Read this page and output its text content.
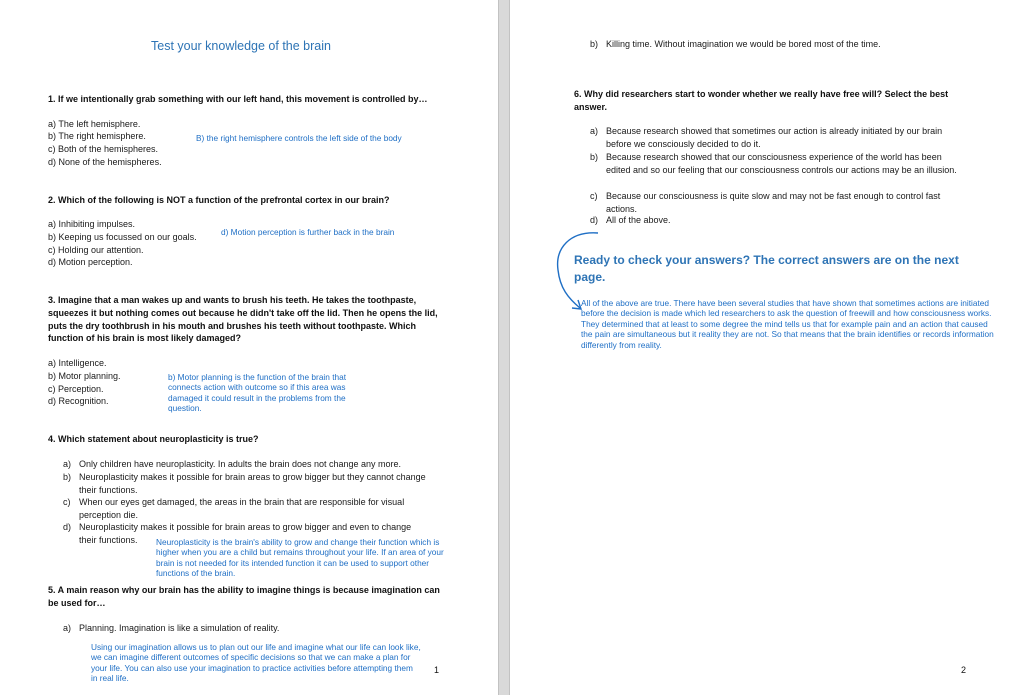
Test your knowledge of the brain
1. If we intentionally grab something with our left hand, this movement is controlled by…
a) The left hemisphere.
b) The right hemisphere.
c) Both of the hemispheres.
d) None of the hemispheres.
B) the right hemisphere controls the left side of the body
2. Which of the following is NOT a function of the prefrontal cortex in our brain?
a) Inhibiting impulses.
b) Keeping us focussed on our goals.
c) Holding our attention.
d) Motion perception.
d) Motion perception is further back in the brain
3. Imagine that a man wakes up and wants to brush his teeth. He takes the toothpaste, squeezes it but nothing comes out because he didn't take off the lid. Then he opens the lid, puts the dry toothbrush in his mouth and brushes his teeth without toothpaste. Which function of his brain is most likely damaged?
a) Intelligence.
b) Motor planning.
c) Perception.
d) Recognition.
b) Motor planning is the function of the brain that connects action with outcome so if this area was damaged it could result in the problems from the question.
4. Which statement about neuroplasticity is true?
a) Only children have neuroplasticity. In adults the brain does not change any more.
b) Neuroplasticity makes it possible for brain areas to grow bigger but they cannot change their functions.
c) When our eyes get damaged, the areas in the brain that are responsible for visual perception die.
d) Neuroplasticity makes it possible for brain areas to grow bigger and even to change
their functions. Neuroplasticity is the brain's ability to grow and change their function which is higher when you are a child but remains throughout your life. If an area of your brain is not needed for its intended function it can be used to support other functions of the brain.
5. A main reason why our brain has the ability to imagine things is because imagination can be used for…
a) Planning. Imagination is like a simulation of reality.
Using our imagination allows us to plan out our life and imagine what our life can look like, we can imagine different outcomes of specific decisions so that we can make a plan for your life. You can also use your imagination to practice activities before attempting them in real life.
1
b) Killing time. Without imagination we would be bored most of the time.
6. Why did researchers start to wonder whether we really have free will? Select the best answer.
a) Because research showed that sometimes our action is already initiated by our brain before we consciously decided to do it.
b) Because research showed that our consciousness experience of the world has been edited and so our feeling that our consciousness controls our actions may be an illusion.
c) Because our consciousness is quite slow and may not be fast enough to control fast actions.
d) All of the above.
Ready to check your answers? The correct answers are on the next page.
All of the above are true. There have been several studies that have shown that sometimes actions are initiated before the decision is made which led researchers to ask the question of freewill and how consciousness works. They determined that at least to some degree the mind tells us that for example pain and an action that caused the pain are simultaneous but it reality they are not. So that means that the brain identifies or records information differently from reality.
2
